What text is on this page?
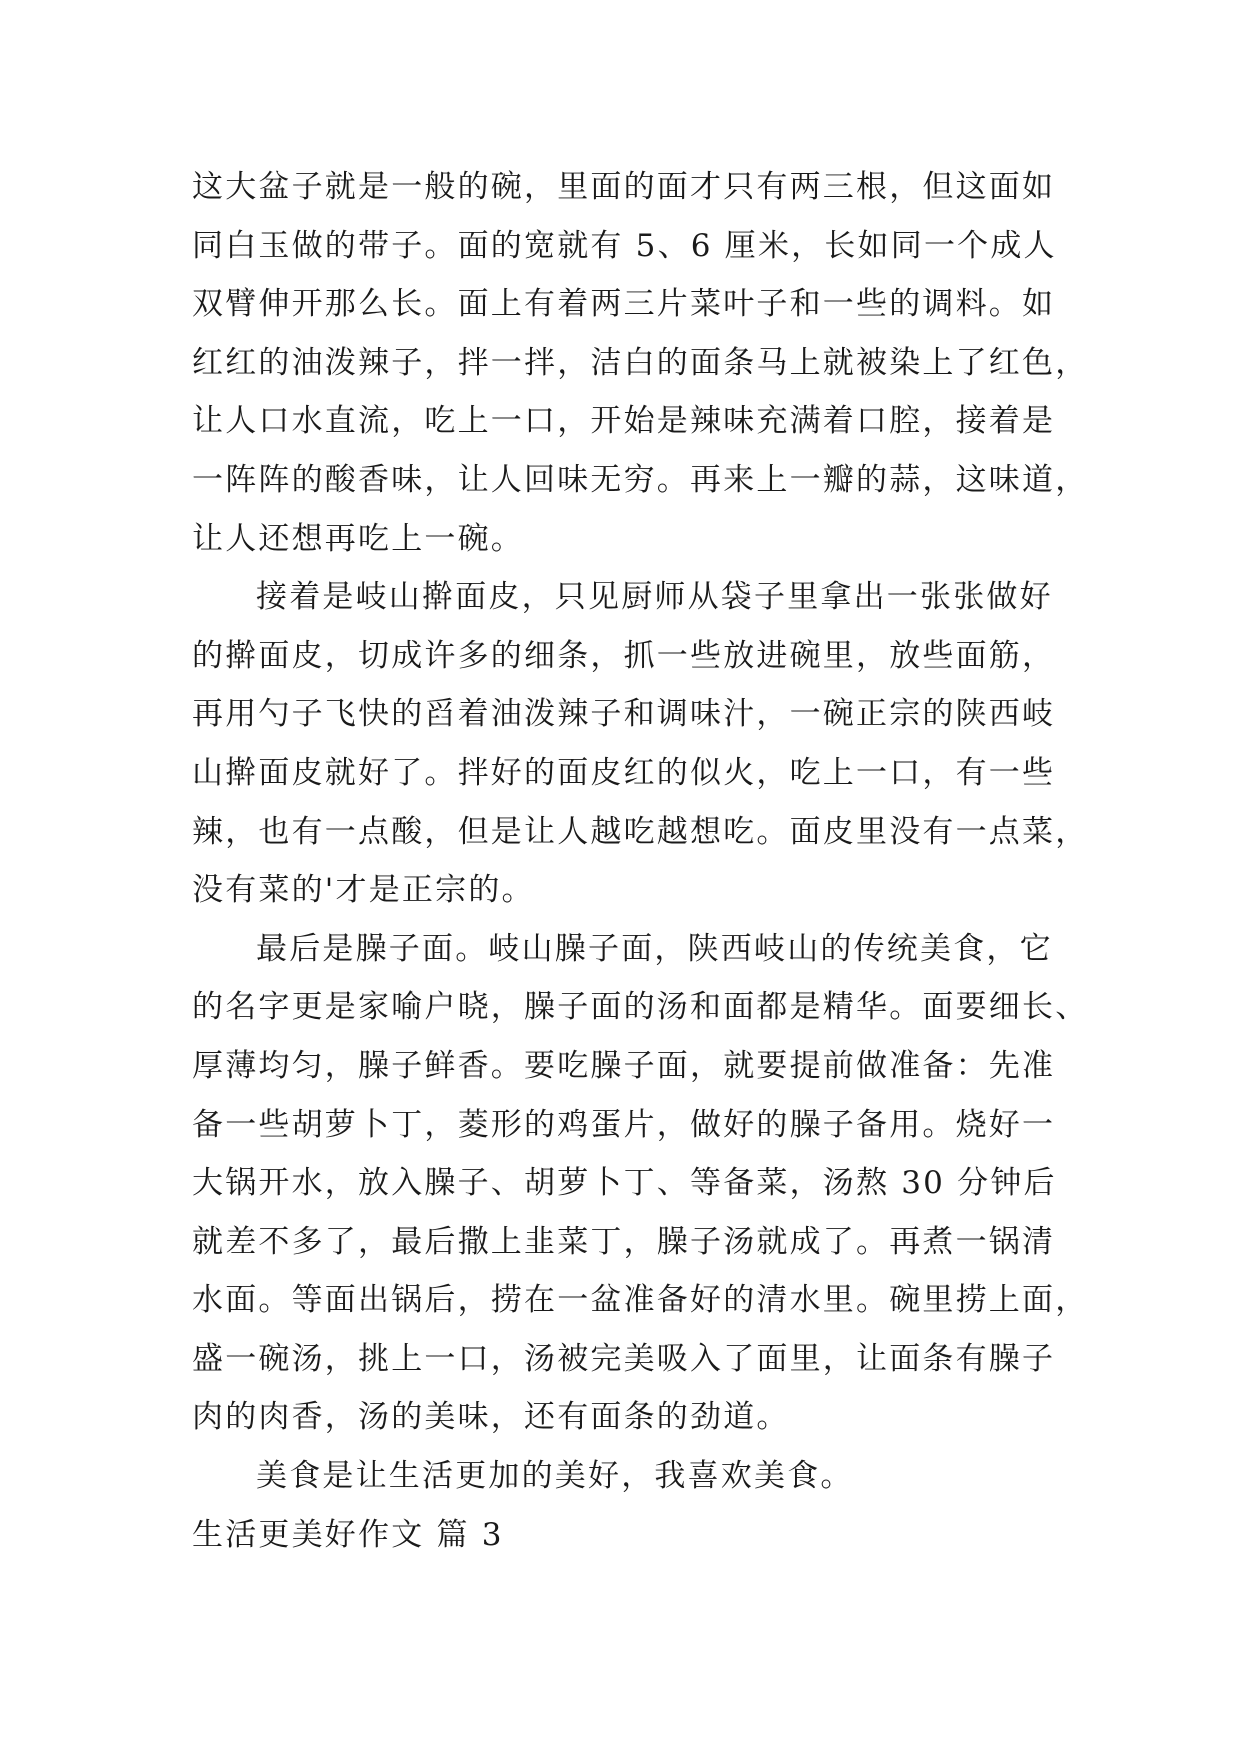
这大盆子就是一般的碗，里面的面才只有两三根，但这面如
同白玉做的带子。面的宽就有 5、6 厘米，长如同一个成人
双臂伸开那么长。面上有着两三片菜叶子和一些的调料。如
红红的油泼辣子，拌一拌，洁白的面条马上就被染上了红色，
让人口水直流，吃上一口，开始是辣味充满着口腔，接着是
一阵阵的酸香味，让人回味无穷。再来上一瓣的蒜，这味道，
让人还想再吃上一碗。
接着是岐山擀面皮，只见厨师从袋子里拿出一张张做好
的擀面皮，切成许多的细条，抓一些放进碗里，放些面筋，
再用勺子飞快的舀着油泼辣子和调味汁，一碗正宗的陕西岐
山擀面皮就好了。拌好的面皮红的似火，吃上一口，有一些
辣，也有一点酸，但是让人越吃越想吃。面皮里没有一点菜，
没有菜的'才是正宗的。
最后是臊子面。岐山臊子面，陕西岐山的传统美食，它
的名字更是家喻户晓，臊子面的汤和面都是精华。面要细长、
厚薄均匀，臊子鲜香。要吃臊子面，就要提前做准备：先准
备一些胡萝卜丁，菱形的鸡蛋片，做好的臊子备用。烧好一
大锅开水，放入臊子、胡萝卜丁、等备菜，汤熬 30 分钟后
就差不多了，最后撒上韭菜丁，臊子汤就成了。再煮一锅清
水面。等面出锅后，捞在一盆准备好的清水里。碗里捞上面，
盛一碗汤，挑上一口，汤被完美吸入了面里，让面条有臊子
肉的肉香，汤的美味，还有面条的劲道。
美食是让生活更加的美好，我喜欢美食。
生活更美好作文 篇 3
